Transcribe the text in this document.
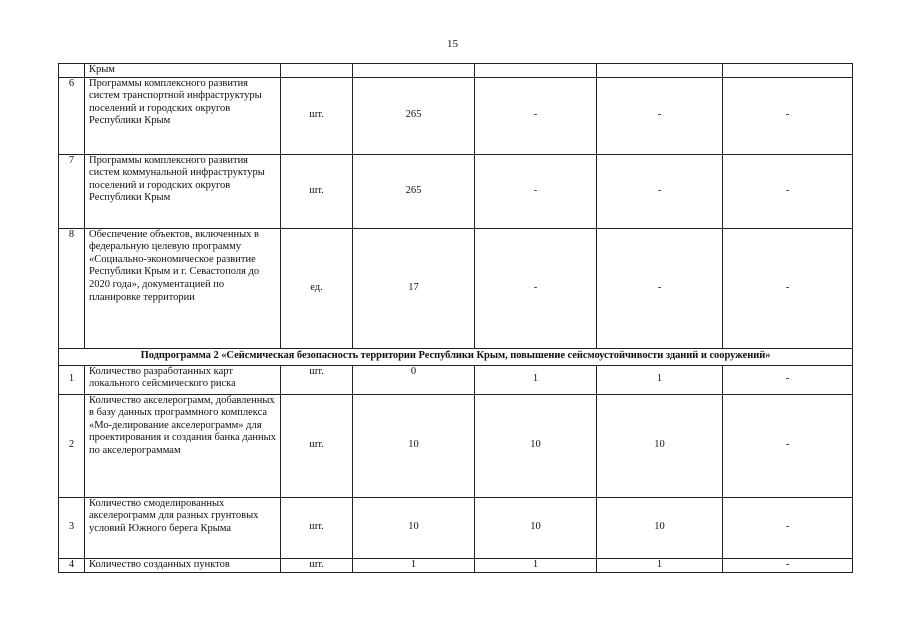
15
	Крым					
6	Программы комплексного развития систем транспортной инфраструктуры поселений и городских округов Республики Крым	шт.	265	-	-	-
7	Программы комплексного развития систем коммунальной инфраструктуры поселений и городских округов Республики Крым	шт.	265	-	-	-
8	Обеспечение объектов, включенных в федеральную целевую программу «Социально-экономическое развитие Республики Крым и г. Севастополя до 2020 года», документацией по планировке территории	ед.	17	-	-	-
Подпрограмма 2 «Сейсмическая безопасность территории Республики Крым, повышение сейсмоустойчивости зданий и сооружений»						
1	Количество разработанных карт локального сейсмического риска	шт.	0	1	1	-
2	Количество акселерограмм, добавленных в базу данных программного комплекса «Мо-делирование акселерограмм» для проектирования и создания банка данных по акселерограммам	шт.	10	10	10	-
3	Количество смоделированных акселерограмм для разных грунтовых условий Южного берега Крыма	шт.	10	10	10	-
4	Количество созданных пунктов	шт.	1	1	1	-
